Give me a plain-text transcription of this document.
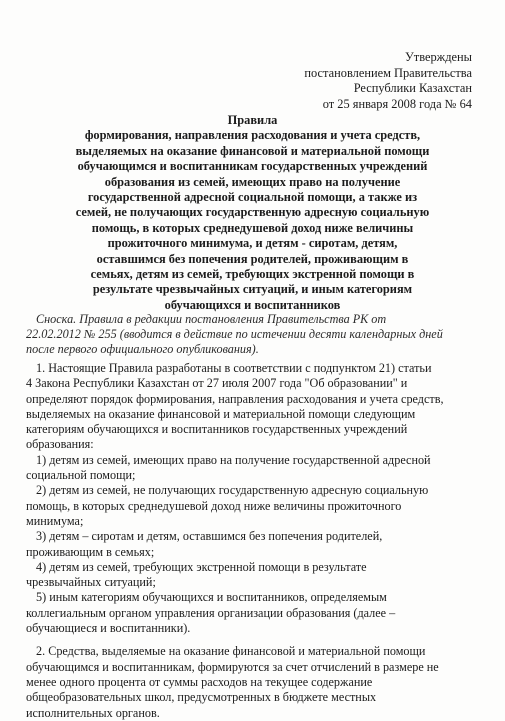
Утверждены
постановлением Правительства
Республики Казахстан
от 25 января 2008 года № 64
Правила
формирования, направления расходования и учета средств,
выделяемых на оказание финансовой и материальной помощи
обучающимся и воспитанникам государственных учреждений
образования из семей, имеющих право на получение
государственной адресной социальной помощи, а также из
семей, не получающих государственную адресную социальную
помощь, в которых среднедушевой доход ниже величины
прожиточного минимума, и детям - сиротам, детям,
оставшимся без попечения родителей, проживающим в
семьях, детям из семей, требующих экстренной помощи в
результате чрезвычайных ситуаций, и иным категориям
обучающихся и воспитанников
Сноска. Правила в редакции постановления Правительства РК от
22.02.2012 № 255 (вводится в действие по истечении десяти календарных дней
после первого официального опубликования).
1. Настоящие Правила разработаны в соответствии с подпунктом 21) статьи
4 Закона Республики Казахстан от 27 июля 2007 года "Об образовании" и
определяют порядок формирования, направления расходования и учета средств,
выделяемых на оказание финансовой и материальной помощи следующим
категориям обучающихся и воспитанников государственных учреждений
образования:
1) детям из семей, имеющих право на получение государственной адресной
социальной помощи;
2) детям из семей, не получающих государственную адресную социальную
помощь, в которых среднедушевой доход ниже величины прожиточного
минимума;
3) детям – сиротам и детям, оставшимся без попечения родителей,
проживающим в семьях;
4) детям из семей, требующих экстренной помощи в результате
чрезвычайных ситуаций;
5) иным категориям обучающихся и воспитанников, определяемым
коллегиальным органом управления организации образования (далее –
обучающиеся и воспитанники).
2. Средства, выделяемые на оказание финансовой и материальной помощи
обучающимся и воспитанникам, формируются за счет отчислений в размере не
менее одного процента от суммы расходов на текущее содержание
общеобразовательных школ, предусмотренных в бюджете местных
исполнительных органов.
